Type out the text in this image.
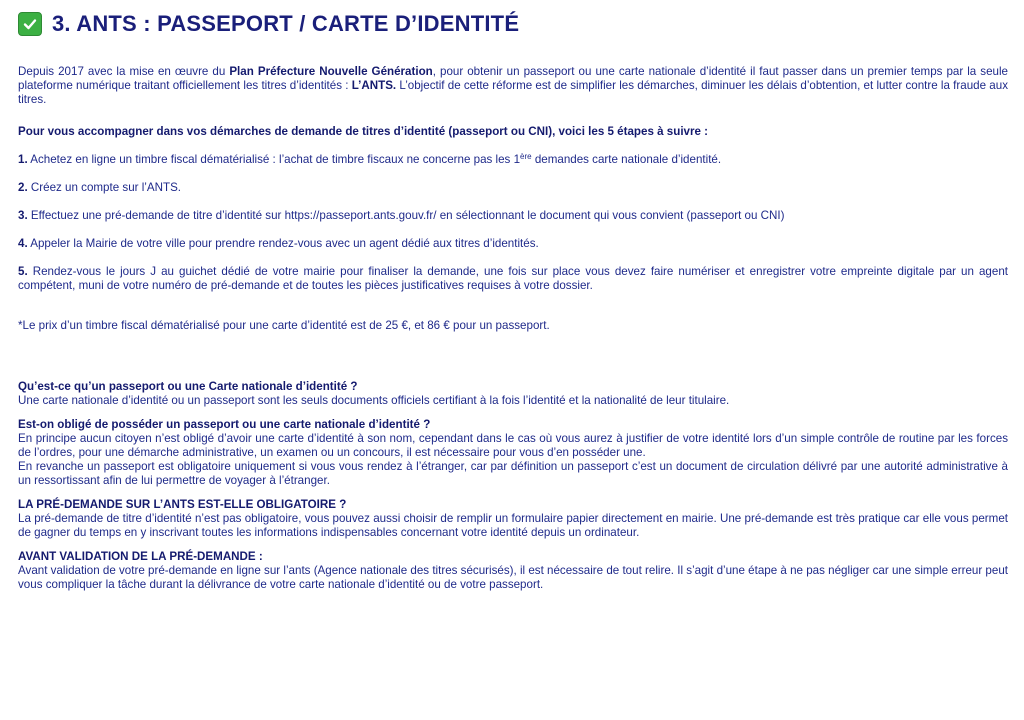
3. ANTS : PASSEPORT / CARTE D’IDENTITÉ

Depuis 2017 avec la mise en œuvre du Plan Préfecture Nouvelle Génération, pour obtenir un passeport ou une carte nationale d’identité il faut passer dans un premier temps par la seule plateforme numérique traitant officiellement les titres d’identités : L’ANTS. L’objectif de cette réforme est de simplifier les démarches, diminuer les délais d’obtention, et lutter contre la fraude aux titres.

Pour vous accompagner dans vos démarches de demande de titres d’identité (passeport ou CNI), voici les 5 étapes à suivre :

1. Achetez en ligne un timbre fiscal dématérialisé : l’achat de timbre fiscaux ne concerne pas les 1ère demandes carte nationale d’identité.

2. Créez un compte sur l’ANTS.

3. Effectuez une pré-demande de titre d’identité sur https://passeport.ants.gouv.fr/ en sélectionnant le document qui vous convient (passeport ou CNI)

4. Appeler la Mairie de votre ville pour prendre rendez-vous avec un agent dédié aux titres d’identités.

5. Rendez-vous le jours J au guichet dédié de votre mairie pour finaliser la demande, une fois sur place vous devez faire numériser et enregistrer votre empreinte digitale par un agent compétent, muni de votre numéro de pré-demande et de toutes les pièces justificatives requises à votre dossier.

*Le prix d’un timbre fiscal dématérialisé pour une carte d’identité est de 25 €, et 86 € pour un passeport.

Qu’est-ce qu’un passeport ou une Carte nationale d’identité ?

Une carte nationale d’identité ou un passeport sont les seuls documents officiels certifiant à la fois l’identité et la nationalité de leur titulaire.

Est-on obligé de posséder un passeport ou une carte nationale d’identité ?

En principe aucun citoyen n’est obligé d’avoir une carte d’identité à son nom, cependant dans le cas où vous aurez à justifier de votre identité lors d’un simple contrôle de routine par les forces de l’ordres, pour une démarche administrative, un examen ou un concours, il est nécessaire pour vous d’en posséder une.

En revanche un passeport est obligatoire uniquement si vous vous rendez à l’étranger, car par définition un passeport c’est un document de circulation délivré par une autorité administrative à un ressortissant afin de lui permettre de voyager à l’étranger.

LA PRÉ-DEMANDE SUR L’ANTS EST-ELLE OBLIGATOIRE ?

La pré-demande de titre d’identité n’est pas obligatoire, vous pouvez aussi choisir de remplir un formulaire papier directement en mairie. Une pré-demande est très pratique car elle vous permet de gagner du temps en y inscrivant toutes les informations indispensables concernant votre identité depuis un ordinateur.

AVANT VALIDATION DE LA PRÉ-DEMANDE :

Avant validation de votre pré-demande en ligne sur l’ants (Agence nationale des titres sécurisés), il est nécessaire de tout relire. Il s’agit d’une étape à ne pas négliger car une simple erreur peut vous compliquer la tâche durant la délivrance de votre carte nationale d’identité ou de votre passeport.
